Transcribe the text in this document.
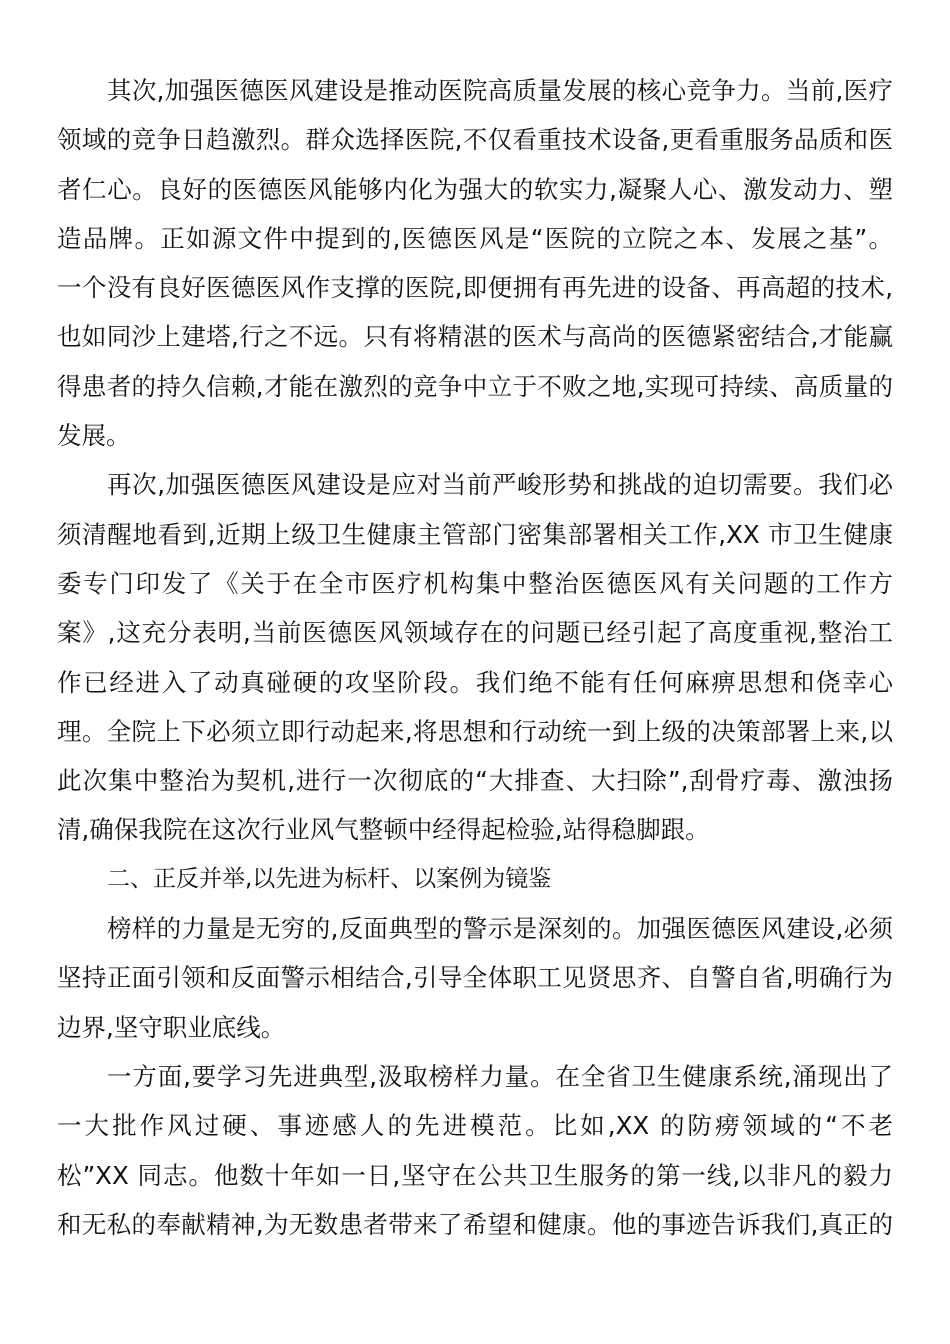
其次,加强医德医风建设是推动医院高质量发展的核心竞争力。当前,医疗
领域的竞争日趋激烈。群众选择医院,不仅看重技术设备,更看重服务品质和医
者仁心。良好的医德医风能够内化为强大的软实力,凝聚人心、激发动力、塑
造品牌。正如源文件中提到的,医德医风是“医院的立院之本、发展之基”。
一个没有良好医德医风作支撑的医院,即便拥有再先进的设备、再高超的技术,
也如同沙上建塔,行之不远。只有将精湛的医术与高尚的医德紧密结合,才能赢
得患者的持久信赖,才能在激烈的竞争中立于不败之地,实现可持续、高质量的
发展。
再次,加强医德医风建设是应对当前严峻形势和挑战的迫切需要。我们必
须清醒地看到,近期上级卫生健康主管部门密集部署相关工作,XX 市卫生健康
委专门印发了《关于在全市医疗机构集中整治医德医风有关问题的工作方
案》,这充分表明,当前医德医风领域存在的问题已经引起了高度重视,整治工
作已经进入了动真碰硬的攻坚阶段。我们绝不能有任何麻痹思想和侥幸心
理。全院上下必须立即行动起来,将思想和行动统一到上级的决策部署上来,以
此次集中整治为契机,进行一次彻底的“大排查、大扫除”,刮骨疗毒、激浊扬
清,确保我院在这次行业风气整顿中经得起检验,站得稳脚跟。
二、正反并举,以先进为标杆、以案例为镜鉴
榜样的力量是无穷的,反面典型的警示是深刻的。加强医德医风建设,必须
坚持正面引领和反面警示相结合,引导全体职工见贤思齐、自警自省,明确行为
边界,坚守职业底线。
一方面,要学习先进典型,汲取榜样力量。在全省卫生健康系统,涌现出了
一大批作风过硬、事迹感人的先进模范。比如,XX 的防痨领域的“不老
松”XX 同志。他数十年如一日,坚守在公共卫生服务的第一线,以非凡的毅力
和无私的奉献精神,为无数患者带来了希望和健康。他的事迹告诉我们,真正的
